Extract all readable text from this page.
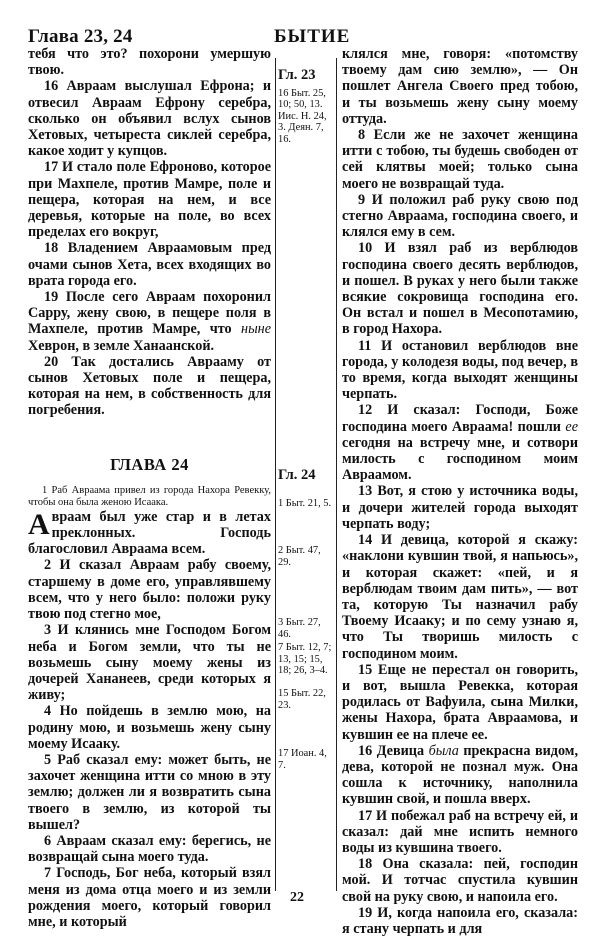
Глава 23, 24	БЫТИЕ

тебя что это? похорони умершую твою.

16 Авраам выслушал Ефрона; и отвесил Авраам Ефрону серебра, сколько он объявил вслух сынов Хетовых, четыреста сиклей серебра, какое ходит у купцов.

17 И стало поле Ефроново, которое при Махпеле, против Мамре, поле и пещера, которая на нем, и все деревья, которые на поле, во всех пределах его вокруг,

18 Владением Авраамовым пред очами сынов Хета, всех входящих во врата города его.

19 После сего Авраам похоронил Сарру, жену свою, в пещере поля в Махпеле, против Мамре, что ныне Хеврон, в земле Ханаанской.

20 Так достались Аврааму от сынов Хетовых поле и пещера, которая на нем, в собственность для погребения.

ГЛАВА 24

1 Раб Авраама привел из города Нахора Ревекку, чтобы она была женою Исаака.

Авраам был уже стар и в летах преклонных. Господь благословил Авраама всем.

2 И сказал Авраам рабу своему, старшему в доме его, управлявшему всем, что у него было: положи руку твою под стегно мое,

3 И клянись мне Господом Богом неба и Богом земли, что ты не возьмешь сыну моему жены из дочерей Хананеев, среди которых я живу;

4 Но пойдешь в землю мою, на родину мою, и возьмешь жену сыну моему Исааку.

5 Раб сказал ему: может быть, не захочет женщина итти со мною в эту землю; должен ли я возвратить сына твоего в землю, из которой ты вышел?

6 Авраам сказал ему: берегись, не возвращай сына моего туда.

7 Господь, Бог неба, который взял меня из дома отца моего и из земли рождения моего, который говорил мне, и который

Гл. 23

16 Быт. 25, 10; 50, 13. Иис. Н. 24, 3. Деян. 7, 16.

Гл. 24

1 Быт. 21, 5.

2 Быт. 47, 29.

3 Быт. 27, 46.

7 Быт. 12, 7; 13, 15; 15, 18; 26, 3–4.

15 Быт. 22, 23.

17 Иоан. 4, 7.

клялся мне, говоря: «потомству твоему дам сию землю», — Он пошлет Ангела Своего пред тобою, и ты возьмешь жену сыну моему оттуда.

8 Если же не захочет женщина итти с тобою, ты будешь свободен от сей клятвы моей; только сына моего не возвращай туда.

9 И положил раб руку свою под стегно Авраама, господина своего, и клялся ему в сем.

10 И взял раб из верблюдов господина своего десять верблюдов, и пошел. В руках у него были также всякие сокровища господина его. Он встал и пошел в Месопотамию, в город Нахора.

11 И остановил верблюдов вне города, у колодезя воды, под вечер, в то время, когда выходят женщины черпать.

12 И сказал: Господи, Боже господина моего Авраама! пошли ее сегодня на встречу мне, и сотвори милость с господином моим Авраамом.

13 Вот, я стою у источника воды, и дочери жителей города выходят черпать воду;

14 И девица, которой я скажу: «наклони кувшин твой, я напьюсь», и которая скажет: «пей, и я верблюдам твоим дам пить», — вот та, которую Ты назначил рабу Твоему Исааку; и по сему узнаю я, что Ты творишь милость с господином моим.

15 Еще не перестал он говорить, и вот, вышла Ревекка, которая родилась от Вафуила, сына Милки, жены Нахора, брата Авраамова, и кувшин ее на плече ее.

16 Девица была прекрасна видом, дева, которой не познал муж. Она сошла к источнику, наполнила кувшин свой, и пошла вверх.

17 И побежал раб на встречу ей, и сказал: дай мне испить немного воды из кувшина твоего.

18 Она сказала: пей, господин мой. И тотчас спустила кувшин свой на руку свою, и напоила его.

19 И, когда напоила его, сказала: я стану черпать и для

22
